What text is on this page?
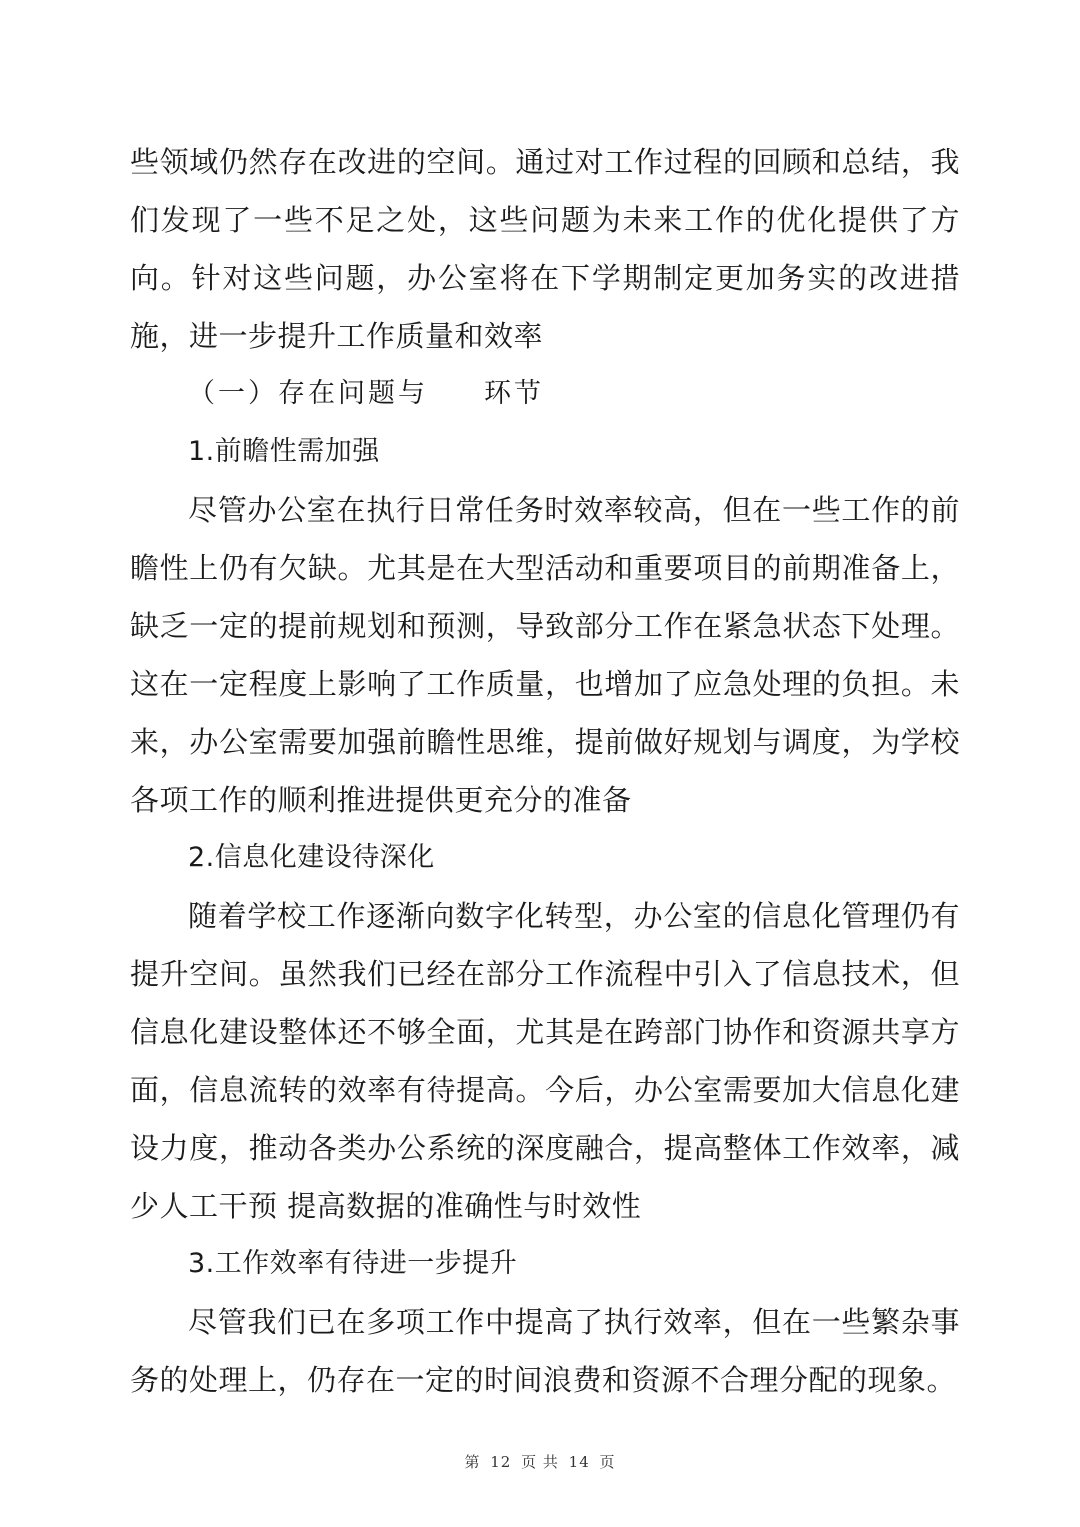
些领域仍然存在改进的空间。通过对工作过程的回顾和总结，我们发现了一些不足之处，这些问题为未来工作的优化提供了方向。针对这些问题，办公室将在下学期制定更加务实的改进措施，进一步提升工作质量和效率

（一）存在问题与 环节

1.前瞻性需加强

尽管办公室在执行日常任务时效率较高，但在一些工作的前瞻性上仍有欠缺。尤其是在大型活动和重要项目的前期准备上，缺乏一定的提前规划和预测，导致部分工作在紧急状态下处理。这在一定程度上影响了工作质量，也增加了应急处理的负担。未来，办公室需要加强前瞻性思维，提前做好规划与调度，为学校各项工作的顺利推进提供更充分的准备

2.信息化建设待深化

随着学校工作逐渐向数字化转型，办公室的信息化管理仍有提升空间。虽然我们已经在部分工作流程中引入了信息技术，但信息化建设整体还不够全面，尤其是在跨部门协作和资源共享方面，信息流转的效率有待提高。今后，办公室需要加大信息化建设力度，推动各类办公系统的深度融合，提高整体工作效率，减少人工干预 提高数据的准确性与时效性

3.工作效率有待进一步提升

尽管我们已在多项工作中提高了执行效率，但在一些繁杂事务的处理上，仍存在一定的时间浪费和资源不合理分配的现象。

第 12 页 共 14 页
